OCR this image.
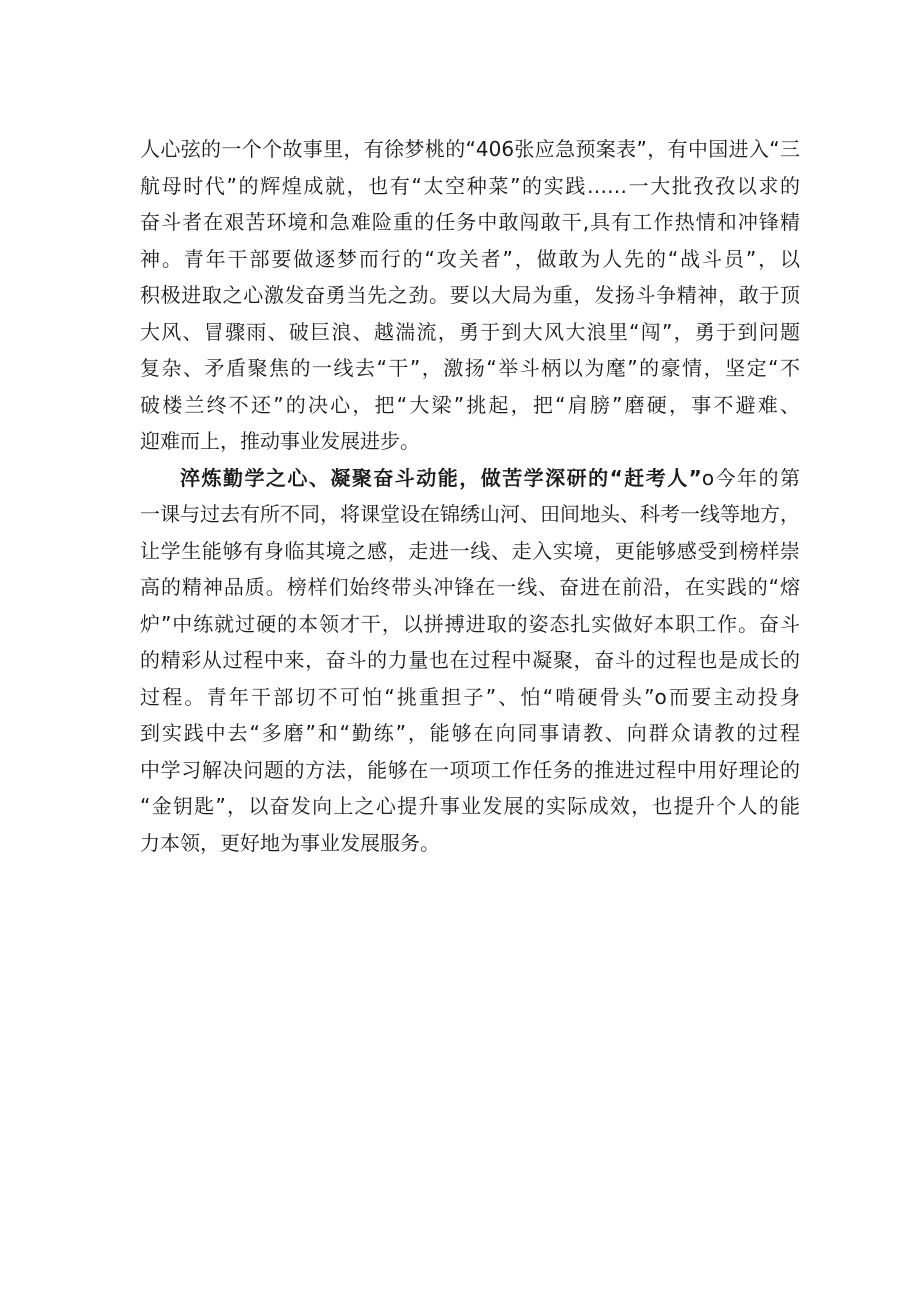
人心弦的一个个故事里，有徐梦桃的“406张应急预案表”，有中国进入“三
航母时代”的辉煌成就，也有“太空种菜”的实践……一大批孜孜以求的
奋斗者在艰苦环境和急难险重的任务中敢闯敢干,具有工作热情和冲锋精
神。青年干部要做逐梦而行的“攻关者”，做敢为人先的“战斗员”，以
积极进取之心激发奋勇当先之劲。要以大局为重，发扬斗争精神，敢于顶
大风、冒骤雨、破巨浪、越湍流，勇于到大风大浪里“闯”，勇于到问题
复杂、矛盾聚焦的一线去“干”，激扬“举斗柄以为麾”的豪情，坚定“不
破楼兰终不还”的决心，把“大梁”挑起，把“肩膀”磨硬，事不避难、
迎难而上，推动事业发展进步。
淬炼勤学之心、凝聚奋斗动能，做苦学深研的“赶考人”o今年的第
一课与过去有所不同，将课堂设在锦绣山河、田间地头、科考一线等地方，
让学生能够有身临其境之感，走进一线、走入实境，更能够感受到榜样崇
高的精神品质。榜样们始终带头冲锋在一线、奋进在前沿，在实践的“熔
炉”中练就过硬的本领才干，以拼搏进取的姿态扎实做好本职工作。奋斗
的精彩从过程中来，奋斗的力量也在过程中凝聚，奋斗的过程也是成长的
过程。青年干部切不可怕“挑重担子”、怕“啃硬骨头”o而要主动投身
到实践中去“多磨”和“勤练”，能够在向同事请教、向群众请教的过程
中学习解决问题的方法，能够在一项项工作任务的推进过程中用好理论的
“金钥匙”，以奋发向上之心提升事业发展的实际成效，也提升个人的能
力本领，更好地为事业发展服务。
